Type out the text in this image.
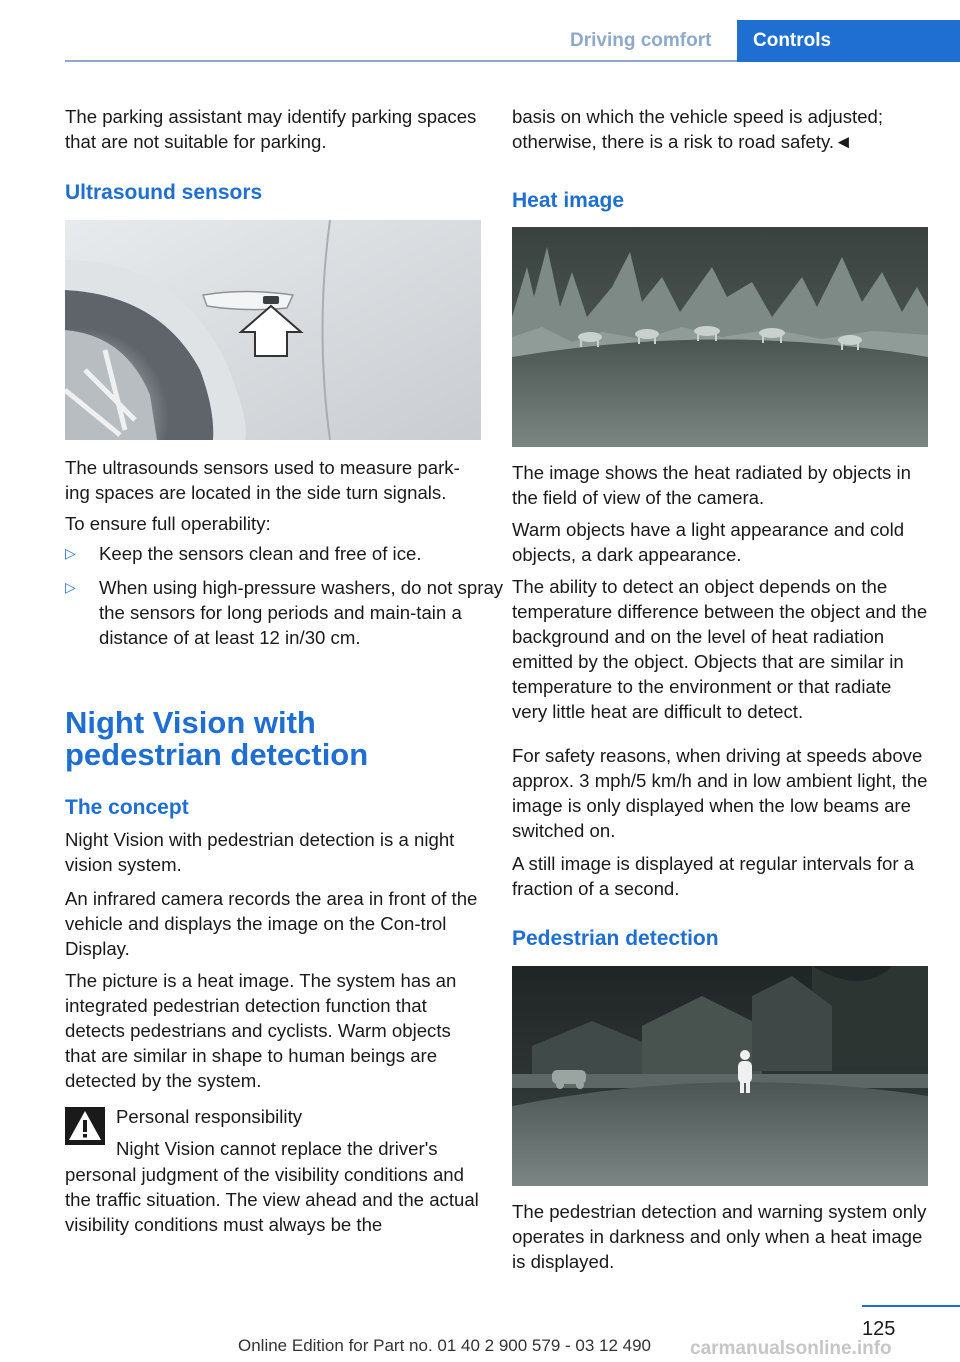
Driving comfort Controls

The parking assistant may identify parking spaces that are not suitable for parking.

Ultrasound sensors

The ultrasounds sensors used to measure park‐ing spaces are located in the side turn signals.

To ensure full operability:

▷ Keep the sensors clean and free of ice.
▷ When using high-pressure washers, do not spray the sensors for long periods and main‐tain a distance of at least 12 in/30 cm.
Night Vision with pedestrian detection
The concept

Night Vision with pedestrian detection is a night vision system.

An infrared camera records the area in front of the vehicle and displays the image on the Con‐trol Display.

The picture is a heat image. The system has an integrated pedestrian detection function that detects pedestrians and cyclists. Warm objects that are similar in shape to human beings are detected by the system.

Personal responsibility
Night Vision cannot replace the driver's

personal judgment of the visibility conditions and the traffic situation. The view ahead and the actual visibility conditions must always be the

basis on which the vehicle speed is adjusted; otherwise, there is a risk to road safety.◄

Heat image

The image shows the heat radiated by objects in the field of view of the camera.

Warm objects have a light appearance and cold objects, a dark appearance.

The ability to detect an object depends on the temperature difference between the object and the background and on the level of heat radiation emitted by the object. Objects that are similar in temperature to the environment or that radiate very little heat are difficult to detect.

For safety reasons, when driving at speeds above approx. 3 mph/5 km/h and in low ambient light, the image is only displayed when the low beams are switched on.

A still image is displayed at regular intervals for a fraction of a second.

Pedestrian detection

The pedestrian detection and warning system only operates in darkness and only when a heat image is displayed.

125
Online Edition for Part no. 01 40 2 900 579 - 03 12 490 carmanualsonline.info
